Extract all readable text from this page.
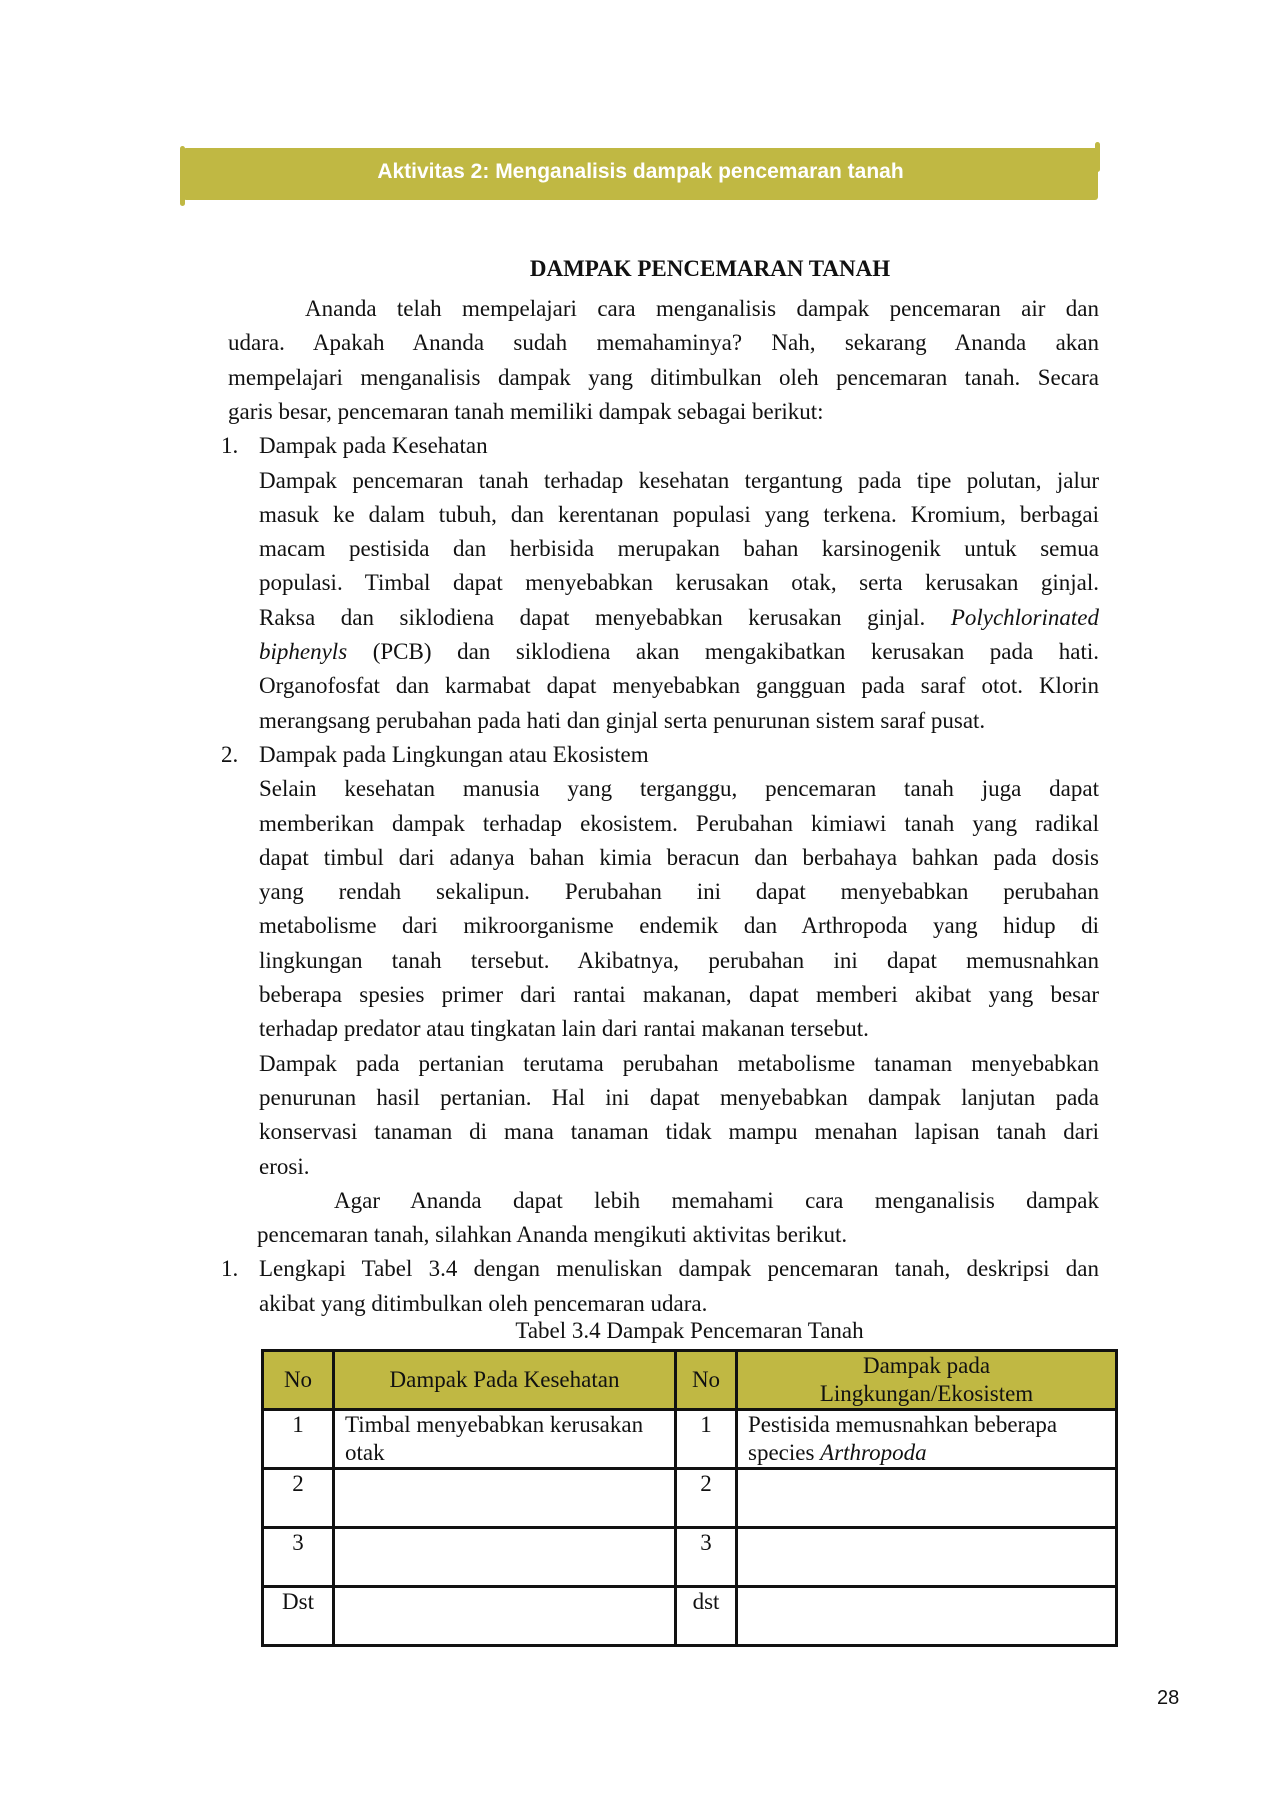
Aktivitas 2: Menganalisis dampak pencemaran tanah
DAMPAK PENCEMARAN TANAH
Ananda telah mempelajari cara menganalisis dampak pencemaran air dan
udara. Apakah Ananda sudah memahaminya? Nah, sekarang Ananda akan
mempelajari menganalisis dampak yang ditimbulkan oleh pencemaran tanah. Secara
garis besar, pencemaran tanah memiliki dampak sebagai berikut:
Dampak pada Kesehatan
1.
Dampak pencemaran tanah terhadap kesehatan tergantung pada tipe polutan, jalur
masuk ke dalam tubuh, dan kerentanan populasi yang terkena. Kromium, berbagai
macam pestisida dan herbisida merupakan bahan karsinogenik untuk semua
populasi. Timbal dapat menyebabkan kerusakan otak, serta kerusakan ginjal.
Raksa dan siklodiena dapat menyebabkan kerusakan ginjal. Polychlorinated
biphenyls (PCB) dan siklodiena akan mengakibatkan kerusakan pada hati.
Organofosfat dan karmabat dapat menyebabkan gangguan pada saraf otot. Klorin
merangsang perubahan pada hati dan ginjal serta penurunan sistem saraf pusat.
Dampak pada Lingkungan atau Ekosistem
2.
Selain kesehatan manusia yang terganggu, pencemaran tanah juga dapat
memberikan dampak terhadap ekosistem. Perubahan kimiawi tanah yang radikal
dapat timbul dari adanya bahan kimia beracun dan berbahaya bahkan pada dosis
yang rendah sekalipun. Perubahan ini dapat menyebabkan perubahan
metabolisme dari mikroorganisme endemik dan Arthropoda yang hidup di
lingkungan tanah tersebut. Akibatnya, perubahan ini dapat memusnahkan
beberapa spesies primer dari rantai makanan, dapat memberi akibat yang besar
terhadap predator atau tingkatan lain dari rantai makanan tersebut.
Dampak pada pertanian terutama perubahan metabolisme tanaman menyebabkan
penurunan hasil pertanian. Hal ini dapat menyebabkan dampak lanjutan pada
konservasi tanaman di mana tanaman tidak mampu menahan lapisan tanah dari
erosi.
Agar Ananda dapat lebih memahami cara menganalisis dampak
pencemaran tanah, silahkan Ananda mengikuti aktivitas berikut.
Lengkapi Tabel 3.4 dengan menuliskan dampak pencemaran tanah, deskripsi dan
1.
akibat yang ditimbulkan oleh pencemaran udara.
Tabel 3.4 Dampak Pencemaran Tanah
No	Dampak Pada Kesehatan	No	Dampak pada Lingkungan/Ekosistem
1	Timbal menyebabkan kerusakan otak	1	Pestisida memusnahkan beberapa species Arthropoda
2		2	
3		3	
Dst		dst	
28
